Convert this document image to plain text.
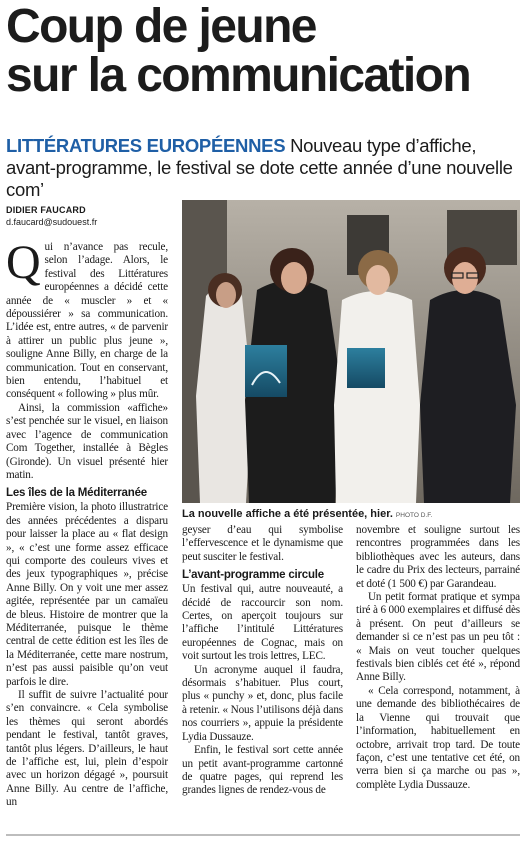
Coup de jeune
sur la communication
LITTÉRATURES EUROPÉENNES Nouveau type d’affiche, avant-programme, le festival se dote cette année d’une nouvelle com’
DIDIER FAUCARD
d.faucard@sudouest.fr

Qui n’avance pas recule, selon l’adage. Alors, le festival des Littératures européennes a décidé cette année de « muscler » et « dépoussiérer » sa communication. L’idée est, entre autres, « de parvenir à attirer un public plus jeune », souligne Anne Billy, en charge de la communication. Tout en conservant, bien entendu, l’habituel et conséquent « following » plus mûr.

Ainsi, la commission «affiche» s’est penchée sur le visuel, en liaison avec l’agence de communication Com Together, installée à Bègles (Gironde). Un visuel présenté hier matin.

Les îles de la Méditerranée

Première vision, la photo illustratrice des années précédentes a disparu pour laisser la place au « flat design », « c’est une forme assez efficace qui comporte des couleurs vives et des jeux typographiques », précise Anne Billy. On y voit une mer assez agitée, représentée par un camaïeu de bleus. Histoire de montrer que la Méditerranée, puisque le thème central de cette édition est les îles de la Méditerranée, cette mare nostrum, n’est pas aussi paisible qu’on veut parfois le dire.

Il suffit de suivre l’actualité pour s’en convaincre. « Cela symbolise les thèmes qui seront abordés pendant le festival, tantôt graves, tantôt plus légers. D’ailleurs, le haut de l’affiche est, lui, plein d’espoir avec un horizon dégagé », poursuit Anne Billy. Au centre de l’affiche, un

La nouvelle affiche a été présentée, hier. PHOTO D.F.

geyser d’eau qui symbolise l’effervescence et le dynamisme que peut susciter le festival.

L’avant-programme circule

Un festival qui, autre nouveauté, a décidé de raccourcir son nom. Certes, on aperçoit toujours sur l’affiche l’intitulé Littératures européennes de Cognac, mais on voit surtout les trois lettres, LEC.

Un acronyme auquel il faudra, désormais s’habituer. Plus court, plus « punchy » et, donc, plus facile à retenir. « Nous l’utilisons déjà dans nos courriers », appuie la présidente Lydia Dussauze.

Enfin, le festival sort cette année un petit avant-programme cartonné de quatre pages, qui reprend les grandes lignes de rendez-vous de

novembre et souligne surtout les rencontres programmées dans les bibliothèques avec les auteurs, dans le cadre du Prix des lecteurs, parrainé et doté (1 500 €) par Garandeau.

Un petit format pratique et sympa tiré à 6 000 exemplaires et diffusé dès à présent. On peut d’ailleurs se demander si ce n’est pas un peu tôt : « Mais on veut toucher quelques festivals bien ciblés cet été », répond Anne Billy.

« Cela correspond, notamment, à une demande des bibliothécaires de la Vienne qui trouvait que l’information, habituellement en octobre, arrivait trop tard. De toute façon, c’est une tentative cet été, on verra bien si ça marche ou pas », complète Lydia Dussauze.
